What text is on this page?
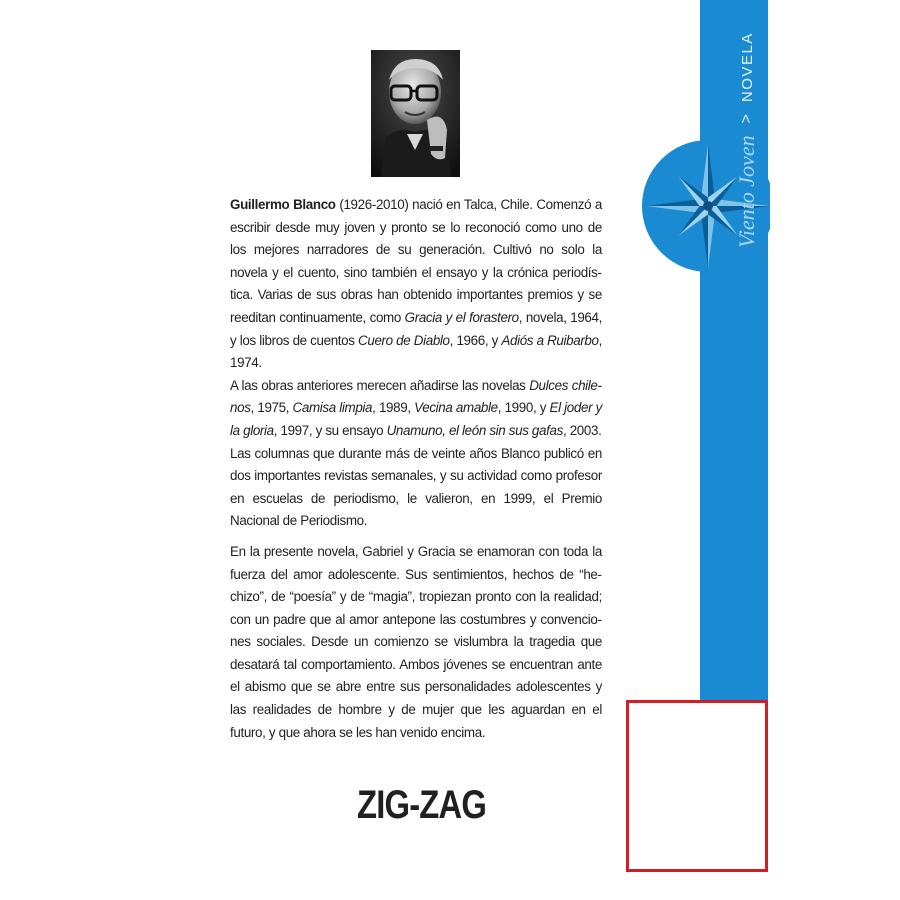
Guillermo Blanco (1926-2010) nació en Talca, Chile. Comenzó a escribir desde muy joven y pronto se lo reconoció como uno de los mejores narradores de su generación. Cultivó no solo la novela y el cuento, sino también el ensayo y la crónica periodística. Varias de sus obras han obtenido importantes premios y se reeditan continuamente, como Gracia y el forastero, novela, 1964, y los libros de cuentos Cuero de Diablo, 1966, y Adiós a Ruibarbo, 1974.

A las obras anteriores merecen añadirse las novelas Dulces chilenos, 1975, Camisa limpia, 1989, Vecina amable, 1990, y El joder y la gloria, 1997, y su ensayo Unamuno, el león sin sus gafas, 2003.

Las columnas que durante más de veinte años Blanco publicó en dos importantes revistas semanales, y su actividad como profesor en escuelas de periodismo, le valieron, en 1999, el Premio Nacional de Periodismo.

En la presente novela, Gabriel y Gracia se enamoran con toda la fuerza del amor adolescente. Sus sentimientos, hechos de “hechizo”, de “poesía” y de “magia”, tropiezan pronto con la realidad; con un padre que al amor antepone las costumbres y convenciones sociales. Desde un comienzo se vislumbra la tragedia que desatará tal comportamiento. Ambos jóvenes se encuentran ante el abismo que se abre entre sus personalidades adolescentes y las realidades de hombre y de mujer que les aguardan en el futuro, y que ahora se les han venido encima.

ZIG-ZAG
Viento Joven
>
NOVELA
